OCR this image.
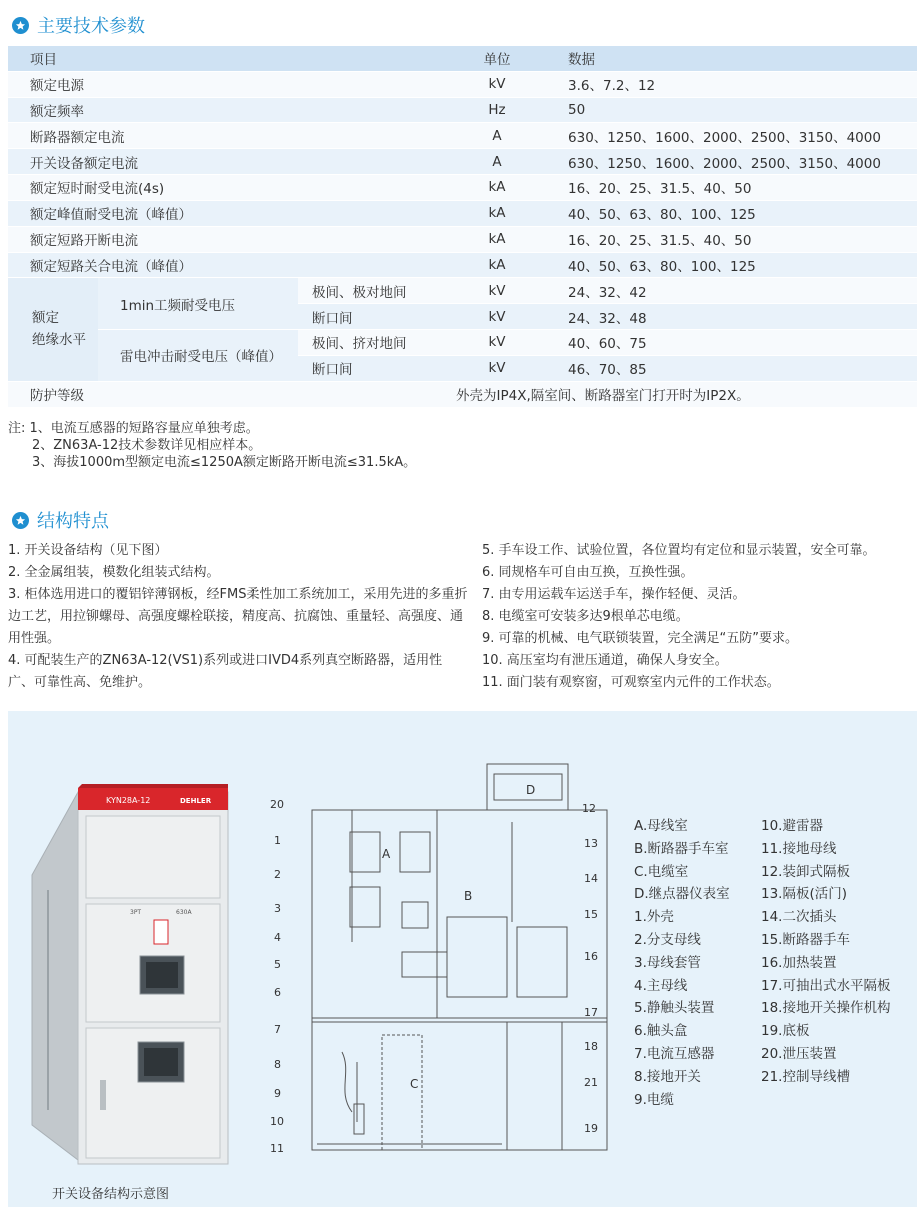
主要技术参数
项目			单位	数据
额定电源			kV	3.6、7.2、12
额定频率			Hz	50
断路器额定电流			A	630、1250、1600、2000、2500、3150、4000
开关设备额定电流			A	630、1250、1600、2000、2500、3150、4000
额定短时耐受电流(4s)			kA	16、20、25、31.5、40、50
额定峰值耐受电流（峰值）			kA	40、50、63、80、100、125
额定短路开断电流			kA	16、20、25、31.5、40、50
额定短路关合电流（峰值）			kA	40、50、63、80、100、125
额定
绝缘水平	1min工频耐受电压	极间、极对地间	kV	24、32、42
		断口间	kV	24、32、48
	雷电冲击耐受电压（峰值）	极间、挤对地间	kV	40、60、75
		断口间	kV	46、70、85
防护等级			外壳为IP4X,隔室间、断路器室门打开时为IP2X。	
注: 1、电流互感器的短路容量应单独考虑。
2、ZN63A-12技术参数详见相应样本。
3、海拔1000m型额定电流≤1250A额定断路开断电流≤31.5kA。
结构特点
1. 开关设备结构（见下图）
2. 全金属组装，模数化组装式结构。
3. 柜体选用进口的覆铝锌薄钢板，经FMS柔性加工系统加工，采用先进的多重折边工艺，用拉铆螺母、高强度螺栓联接，精度高、抗腐蚀、重量轻、高强度、通用性强。
4. 可配装生产的ZN63A-12(VS1)系列或进口IVD4系列真空断路器，适用性广、可靠性高、免维护。
5. 手车设工作、试验位置，各位置均有定位和显示装置，安全可靠。
6. 同规格车可自由互换，互换性强。
7. 由专用运载车运送手车，操作轻便、灵活。
8. 电缆室可安装多达9根单芯电缆。
9. 可靠的机械、电气联锁装置，完全满足“五防”要求。
10. 高压室均有泄压通道，确保人身安全。
11. 面门装有观察窗，可观察室内元件的工作状态。
KYN28A-12	DEHLER
3PT	630A
开关设备结构示意图
A
B
C
D
20
1
2
3
4
5
6
7
8
9
10
11
12
13
14
15
16
17
18
21
19
A.母线室
B.断路器手车室
C.电缆室
D.继点器仪表室
1.外壳
2.分支母线
3.母线套管
4.主母线
5.静触头装置
6.触头盒
7.电流互感器
8.接地开关
9.电缆
10.避雷器
11.接地母线
12.装卸式隔板
13.隔板(活门)
14.二次插头
15.断路器手车
16.加热装置
17.可抽出式水平隔板
18.接地开关操作机构
19.底板
20.泄压装置
21.控制导线槽
